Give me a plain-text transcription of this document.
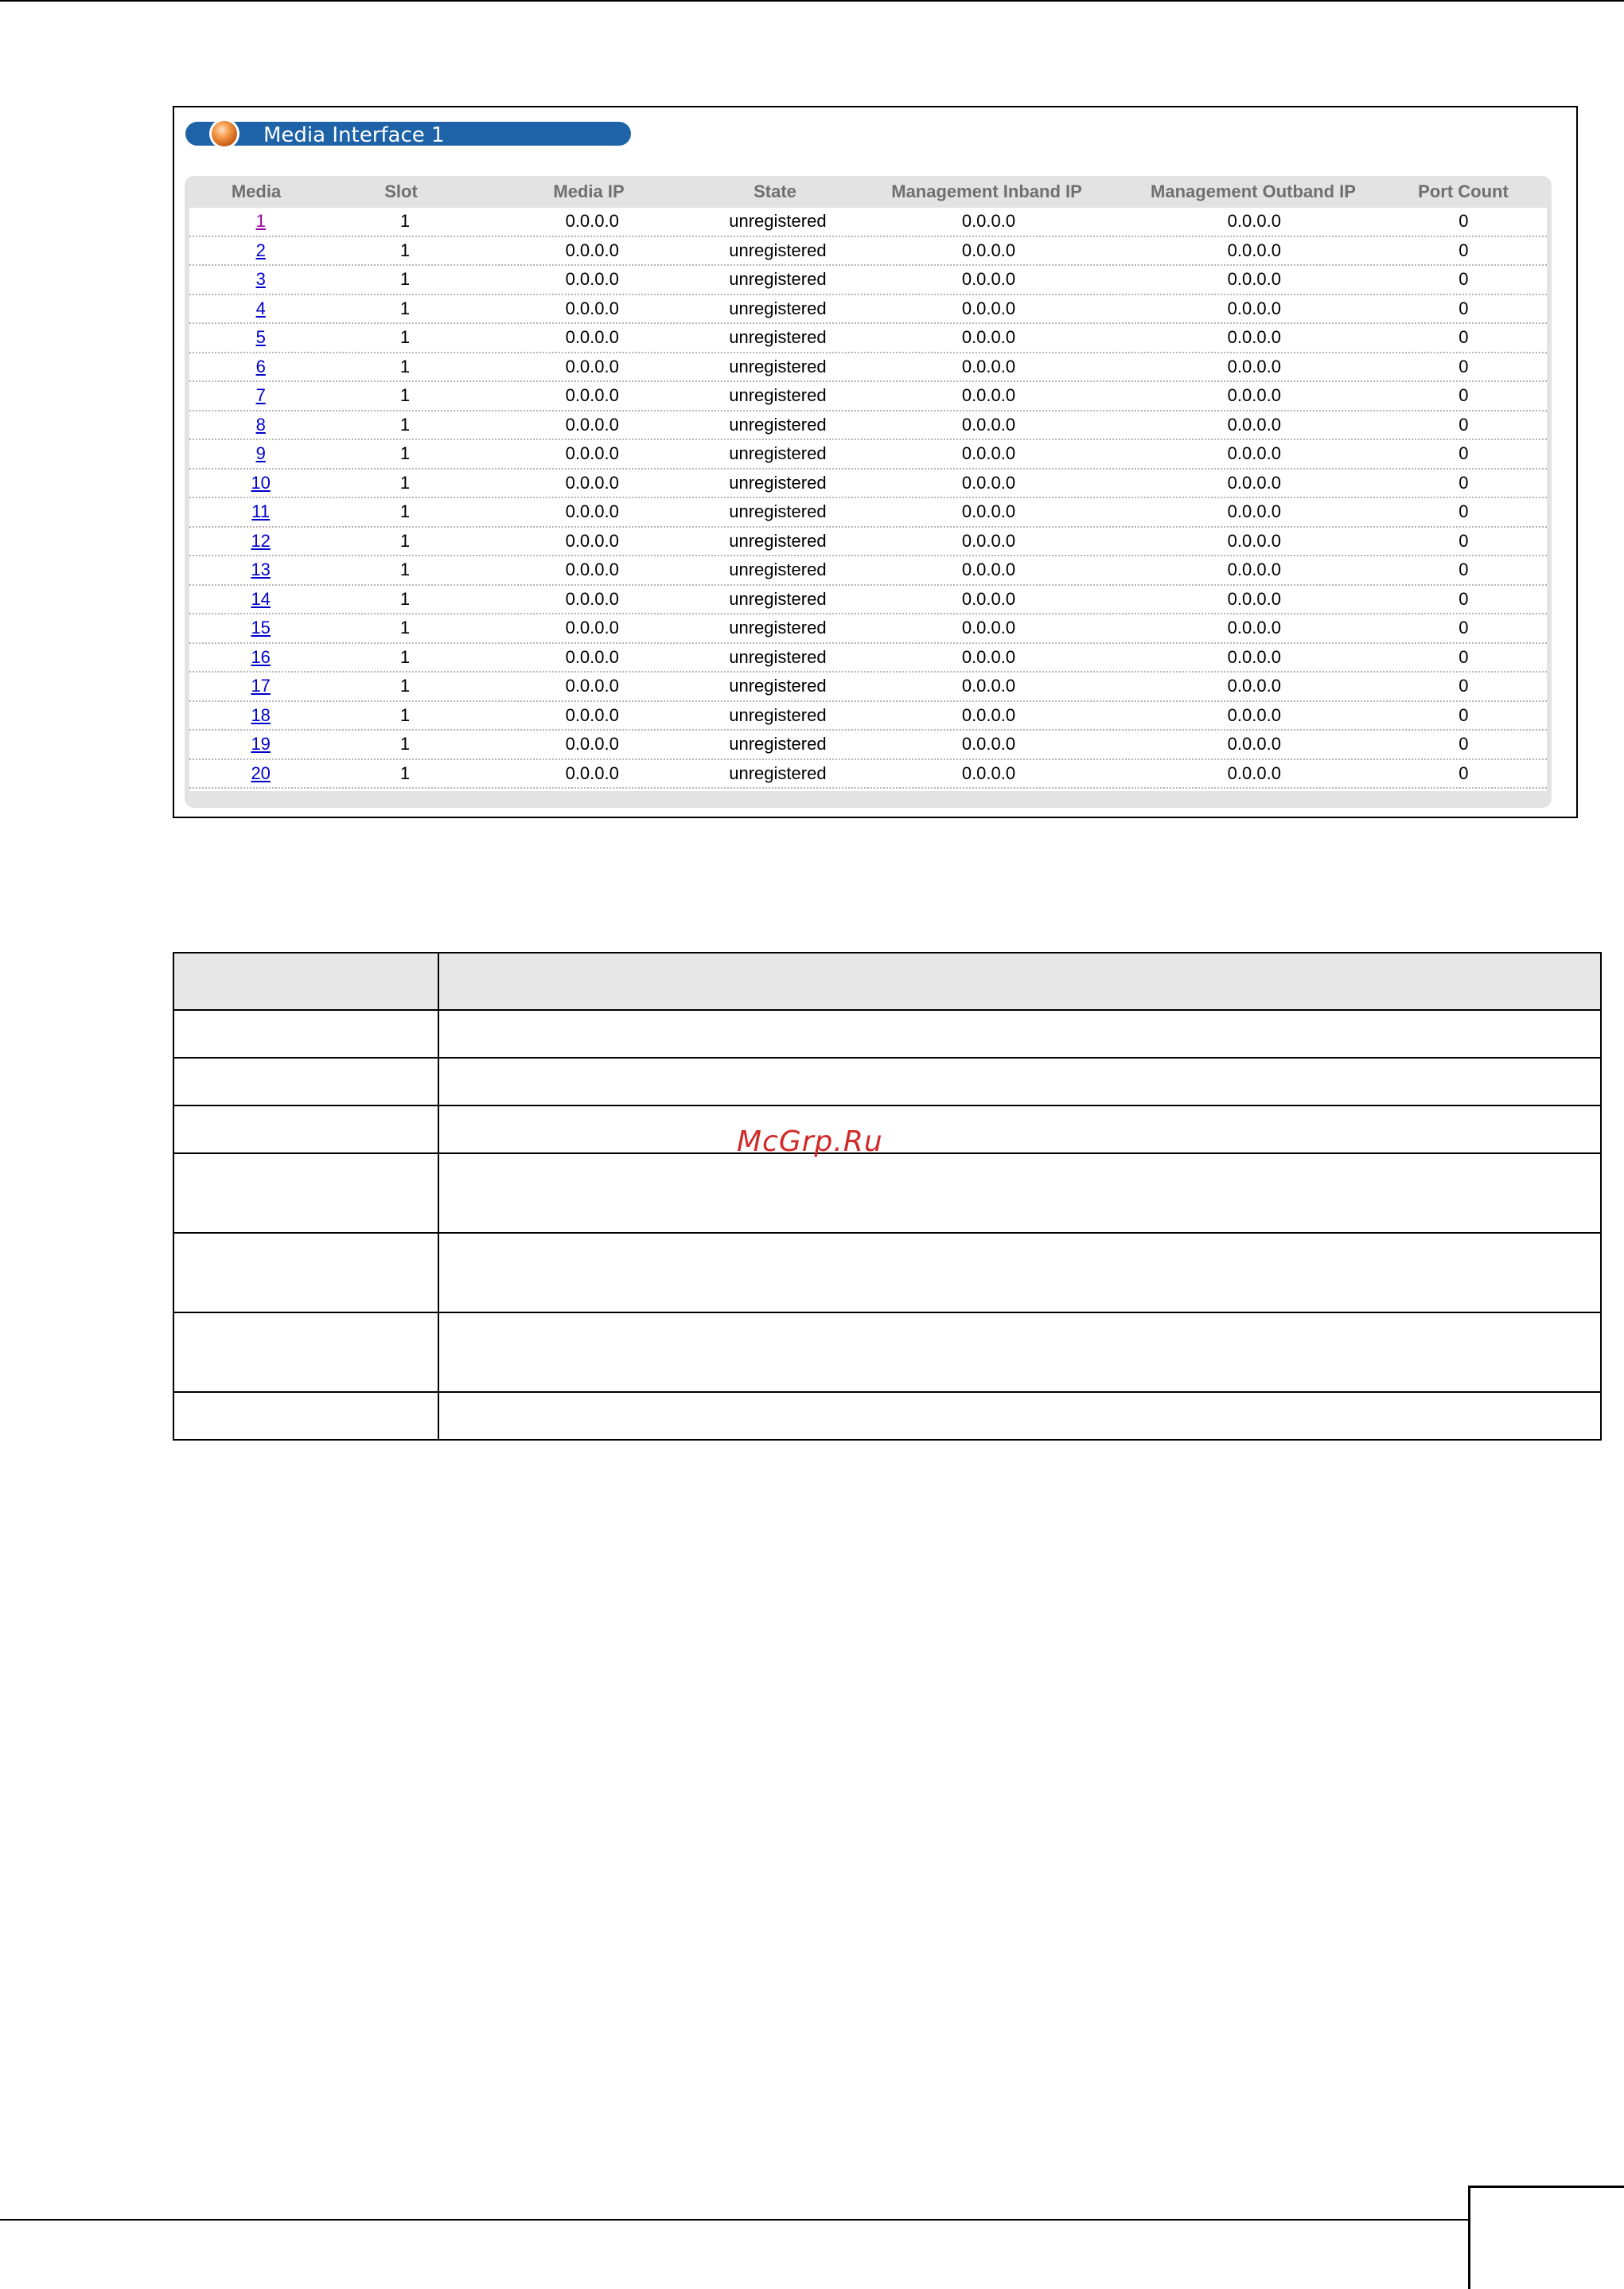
Media Interface 1
Media	Slot	Media IP	State	Management Inband IP	Management Outband IP	Port Count
1	1	0.0.0.0	unregistered	0.0.0.0	0.0.0.0	0
2	1	0.0.0.0	unregistered	0.0.0.0	0.0.0.0	0
3	1	0.0.0.0	unregistered	0.0.0.0	0.0.0.0	0
4	1	0.0.0.0	unregistered	0.0.0.0	0.0.0.0	0
5	1	0.0.0.0	unregistered	0.0.0.0	0.0.0.0	0
6	1	0.0.0.0	unregistered	0.0.0.0	0.0.0.0	0
7	1	0.0.0.0	unregistered	0.0.0.0	0.0.0.0	0
8	1	0.0.0.0	unregistered	0.0.0.0	0.0.0.0	0
9	1	0.0.0.0	unregistered	0.0.0.0	0.0.0.0	0
10	1	0.0.0.0	unregistered	0.0.0.0	0.0.0.0	0
11	1	0.0.0.0	unregistered	0.0.0.0	0.0.0.0	0
12	1	0.0.0.0	unregistered	0.0.0.0	0.0.0.0	0
13	1	0.0.0.0	unregistered	0.0.0.0	0.0.0.0	0
14	1	0.0.0.0	unregistered	0.0.0.0	0.0.0.0	0
15	1	0.0.0.0	unregistered	0.0.0.0	0.0.0.0	0
16	1	0.0.0.0	unregistered	0.0.0.0	0.0.0.0	0
17	1	0.0.0.0	unregistered	0.0.0.0	0.0.0.0	0
18	1	0.0.0.0	unregistered	0.0.0.0	0.0.0.0	0
19	1	0.0.0.0	unregistered	0.0.0.0	0.0.0.0	0
20	1	0.0.0.0	unregistered	0.0.0.0	0.0.0.0	0
McGrp.Ru
